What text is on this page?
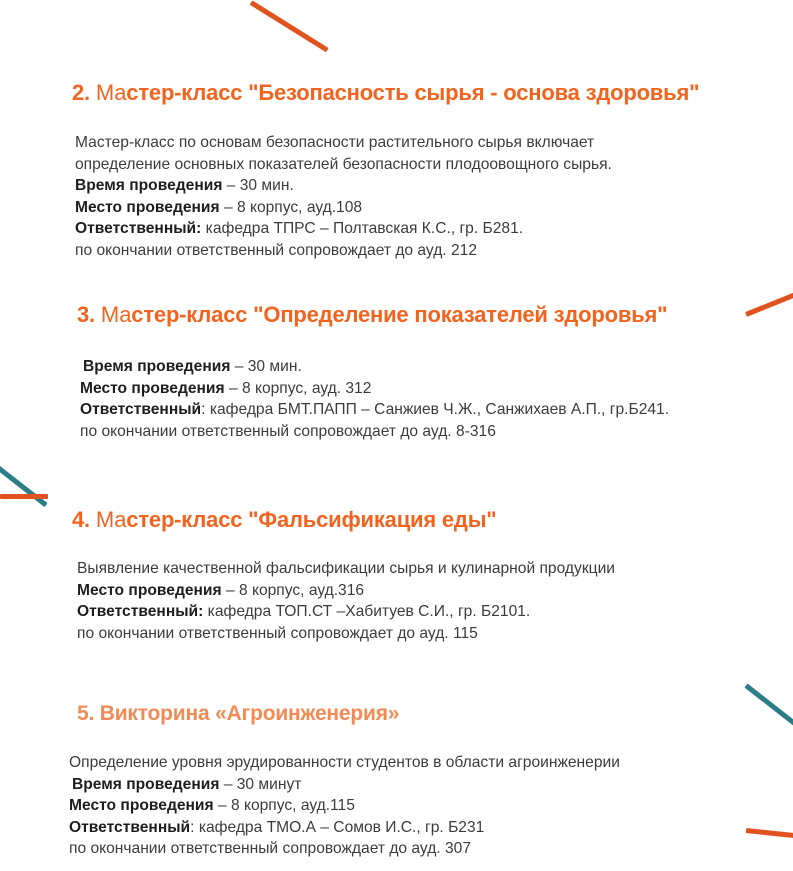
2. Мастер-класс "Безопасность сырья - основа здоровья"
Мастер-класс по основам безопасности растительного сырья включает
определение основных показателей безопасности плодоовощного сырья.
Время проведения – 30 мин.
Место проведения – 8 корпус, ауд.108
Ответственный: кафедра ТПРС – Полтавская К.С., гр. Б281.
по окончании ответственный сопровождает до ауд. 212
3. Мастер-класс "Определение показателей здоровья"
Время проведения – 30 мин.
Место проведения – 8 корпус, ауд. 312
Ответственный: кафедра БМТ.ПАПП – Санжиев Ч.Ж., Санжихаев А.П., гр.Б241.
по окончании ответственный сопровождает до ауд. 8-316
4. Мастер-класс "Фальсификация еды"
Выявление качественной фальсификации сырья и кулинарной продукции
Место проведения – 8 корпус, ауд.316
Ответственный: кафедра ТОП.СТ –Хабитуев С.И., гр. Б2101.
по окончании ответственный сопровождает до ауд. 115
5. Викторина «Агроинженерия»
Определение уровня эрудированности студентов в области агроинженерии
Время проведения – 30 минут
Место проведения – 8 корпус, ауд.115
Ответственный: кафедра ТМО.А – Сомов И.С., гр. Б231
по окончании ответственный сопровождает до ауд. 307
